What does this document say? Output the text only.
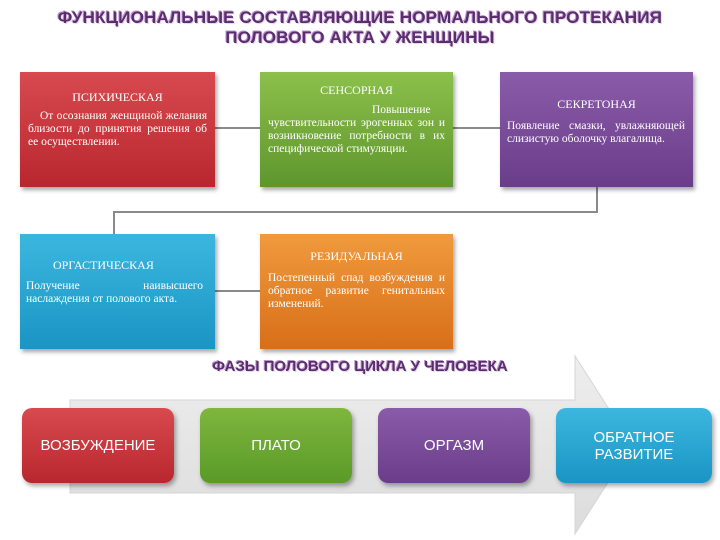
ФУНКЦИОНАЛЬНЫЕ СОСТАВЛЯЮЩИЕ НОРМАЛЬНОГО ПРОТЕКАНИЯ
ПОЛОВОГО АКТА У ЖЕНЩИНЫ
ПСИХИЧЕСКАЯ
От осознания женщиной желания близости до принятия решения об ее осуществлении.
СЕНСОРНАЯ
Повышение чувствительности эрогенных зон и возникновение потребности в их специфической стимуляции.
СЕКРЕТОНАЯ
Появление смазки, увлажняющей слизистую оболочку влагалища.
ОРГАСТИЧЕСКАЯ
Получение наивысшего наслаждения от полового акта.
РЕЗИДУАЛЬНАЯ
Постепенный спад возбуждения и обратное развитие генитальных изменений.
ФАЗЫ ПОЛОВОГО ЦИКЛА У ЧЕЛОВЕКА
ВОЗБУЖДЕНИЕ	ПЛАТО	ОРГАЗМ	ОБРАТНОЕ РАЗВИТИЕ
